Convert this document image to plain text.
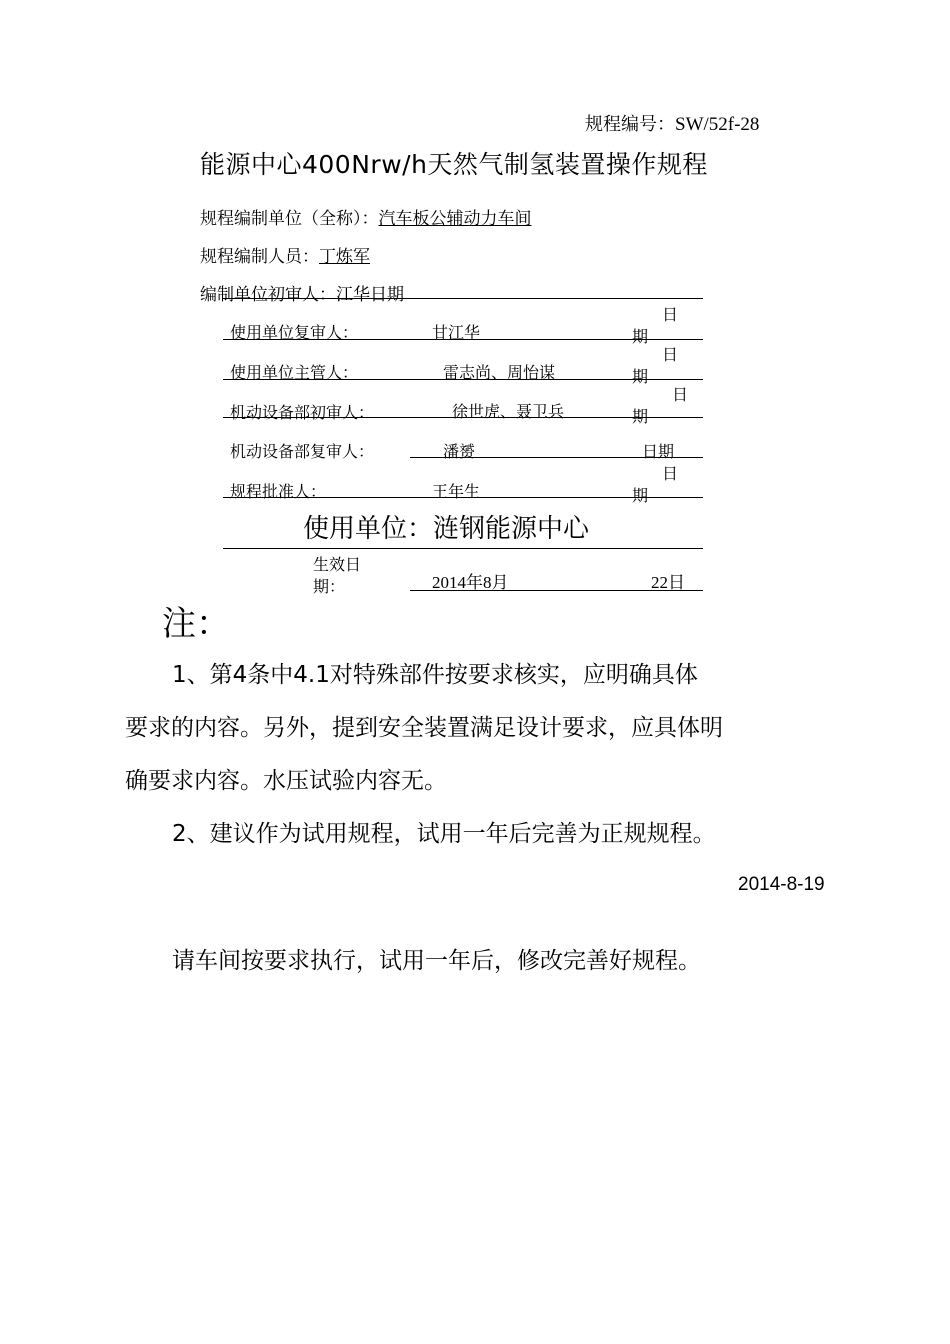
规程编号：SW/52f-28
能源中心400Nrw/h天然气制氢装置操作规程
规程编制单位（全称）：汽车板公辅动力车间
规程编制人员：丁炼军
编制单位初审人：江华日期
使用单位复审人：	甘江华
日
期
使用单位主管人：	雷志尚、周怡谋
日
期
机动设备部初审人：	徐世虎、聂卫兵
日
期
机动设备部复审人：	潘赟	日期
规程批准人：	王年生
日
期
使用单位：涟钢能源中心
生效日
期：	2014年8月	22日
注：
1、第4条中4.1对特殊部件按要求核实，应明确具体
要求的内容。另外，提到安全装置满足设计要求，应具体明
确要求内容。水压试验内容无。
2、建议作为试用规程，试用一年后完善为正规规程。
2014-8-19
请车间按要求执行，试用一年后，修改完善好规程。
